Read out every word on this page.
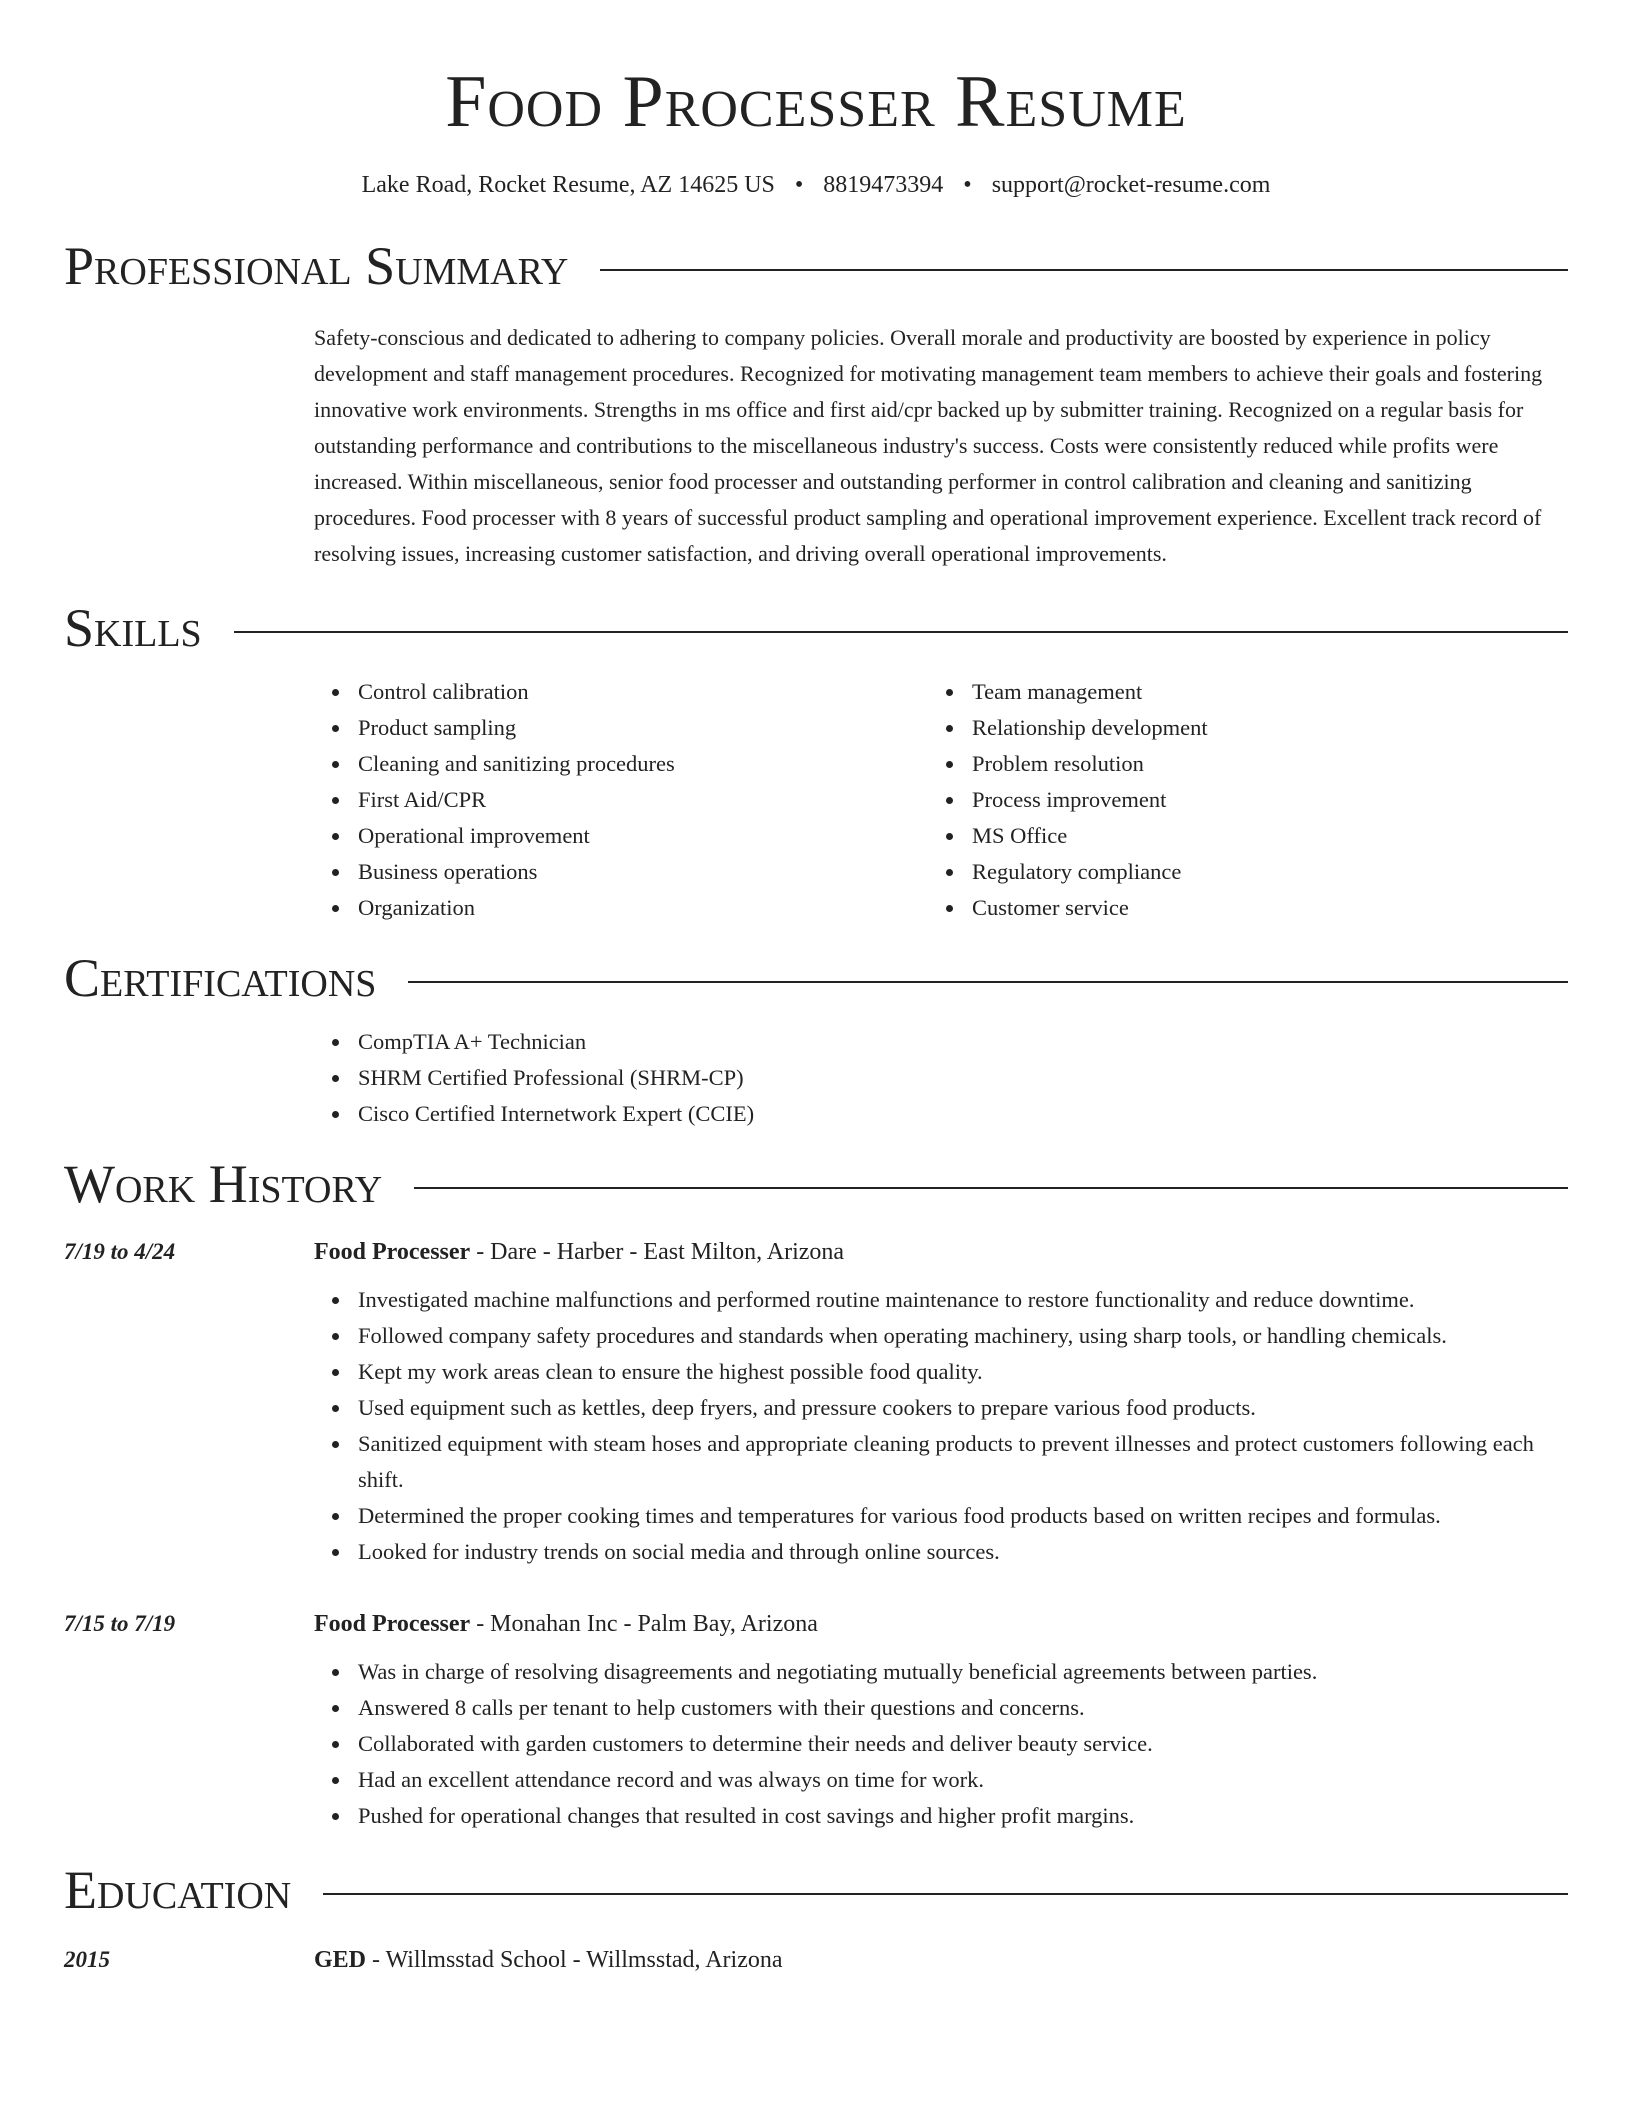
Food Processer Resume
Lake Road, Rocket Resume, AZ 14625 US • 8819473394 • support@rocket-resume.com
Professional Summary
Safety-conscious and dedicated to adhering to company policies. Overall morale and productivity are boosted by experience in policy development and staff management procedures. Recognized for motivating management team members to achieve their goals and fostering innovative work environments. Strengths in ms office and first aid/cpr backed up by submitter training. Recognized on a regular basis for outstanding performance and contributions to the miscellaneous industry's success. Costs were consistently reduced while profits were increased. Within miscellaneous, senior food processer and outstanding performer in control calibration and cleaning and sanitizing procedures. Food processer with 8 years of successful product sampling and operational improvement experience. Excellent track record of resolving issues, increasing customer satisfaction, and driving overall operational improvements.
Skills
Control calibration
Product sampling
Cleaning and sanitizing procedures
First Aid/CPR
Operational improvement
Business operations
Organization
Team management
Relationship development
Problem resolution
Process improvement
MS Office
Regulatory compliance
Customer service
Certifications
CompTIA A+ Technician
SHRM Certified Professional (SHRM-CP)
Cisco Certified Internetwork Expert (CCIE)
Work History
7/19 to 4/24	Food Processer - Dare - Harber - East Milton, Arizona
Investigated machine malfunctions and performed routine maintenance to restore functionality and reduce downtime.
Followed company safety procedures and standards when operating machinery, using sharp tools, or handling chemicals.
Kept my work areas clean to ensure the highest possible food quality.
Used equipment such as kettles, deep fryers, and pressure cookers to prepare various food products.
Sanitized equipment with steam hoses and appropriate cleaning products to prevent illnesses and protect customers following each shift.
Determined the proper cooking times and temperatures for various food products based on written recipes and formulas.
Looked for industry trends on social media and through online sources.
7/15 to 7/19	Food Processer - Monahan Inc - Palm Bay, Arizona
Was in charge of resolving disagreements and negotiating mutually beneficial agreements between parties.
Answered 8 calls per tenant to help customers with their questions and concerns.
Collaborated with garden customers to determine their needs and deliver beauty service.
Had an excellent attendance record and was always on time for work.
Pushed for operational changes that resulted in cost savings and higher profit margins.
Education
2015	GED - Willmsstad School - Willmsstad, Arizona
